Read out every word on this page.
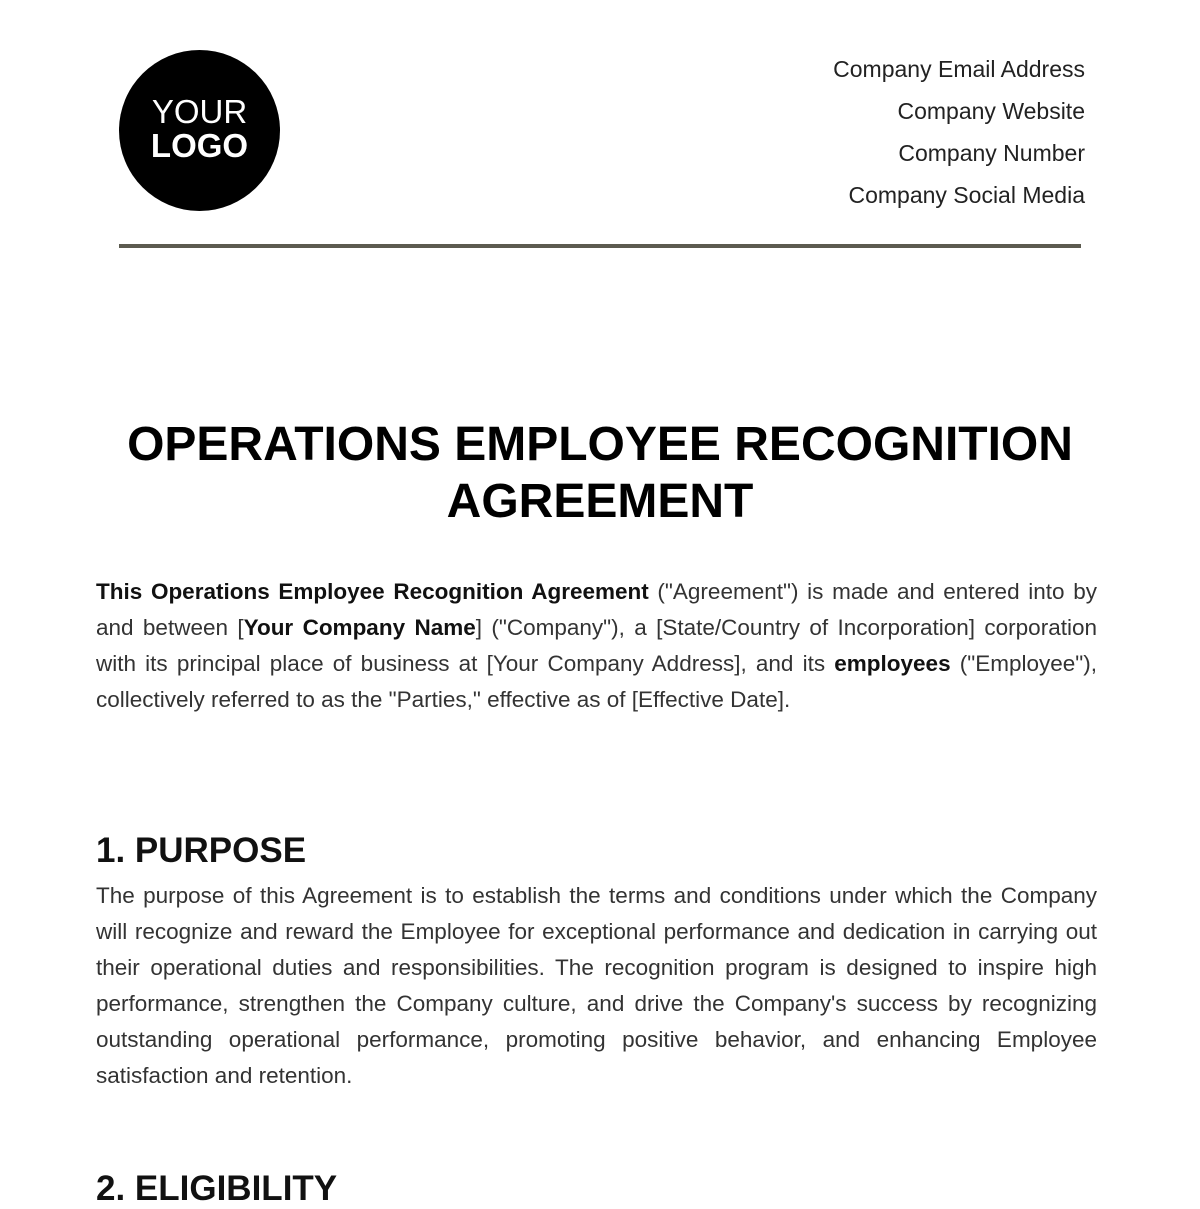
YOUR
LOGO
Company Email Address
Company Website
Company Number
Company Social Media
OPERATIONS EMPLOYEE RECOGNITION AGREEMENT

This Operations Employee Recognition Agreement ("Agreement") is made and entered into by and between [Your Company Name] ("Company"), a [State/Country of Incorporation] corporation with its principal place of business at [Your Company Address], and its employees ("Employee"), collectively referred to as the "Parties," effective as of [Effective Date].

1. PURPOSE

The purpose of this Agreement is to establish the terms and conditions under which the Company will recognize and reward the Employee for exceptional performance and dedication in carrying out their operational duties and responsibilities. The recognition program is designed to inspire high performance, strengthen the Company culture, and drive the Company's success by recognizing outstanding operational performance, promoting positive behavior, and enhancing Employee satisfaction and retention.

2. ELIGIBILITY
